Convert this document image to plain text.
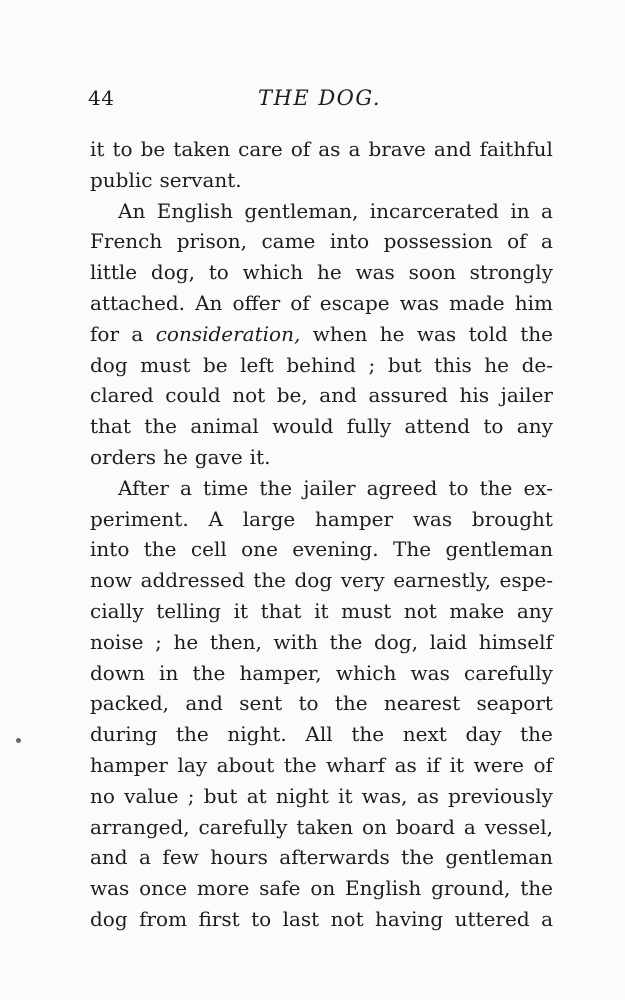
44	THE DOG.
it to be taken care of as a brave and faithful
public servant.
An English gentleman, incarcerated in a
French prison, came into possession of a
little dog, to which he was soon strongly
attached. An offer of escape was made him
for a consideration, when he was told the
dog must be left behind ; but this he de-
clared could not be, and assured his jailer
that the animal would fully attend to any
orders he gave it.
After a time the jailer agreed to the ex-
periment. A large hamper was brought
into the cell one evening. The gentleman
now addressed the dog very earnestly, espe-
cially telling it that it must not make any
noise ; he then, with the dog, laid himself
down in the hamper, which was carefully
packed, and sent to the nearest seaport
during the night. All the next day the
hamper lay about the wharf as if it were of
no value ; but at night it was, as previously
arranged, carefully taken on board a vessel,
and a few hours afterwards the gentleman
was once more safe on English ground, the
dog from first to last not having uttered a
